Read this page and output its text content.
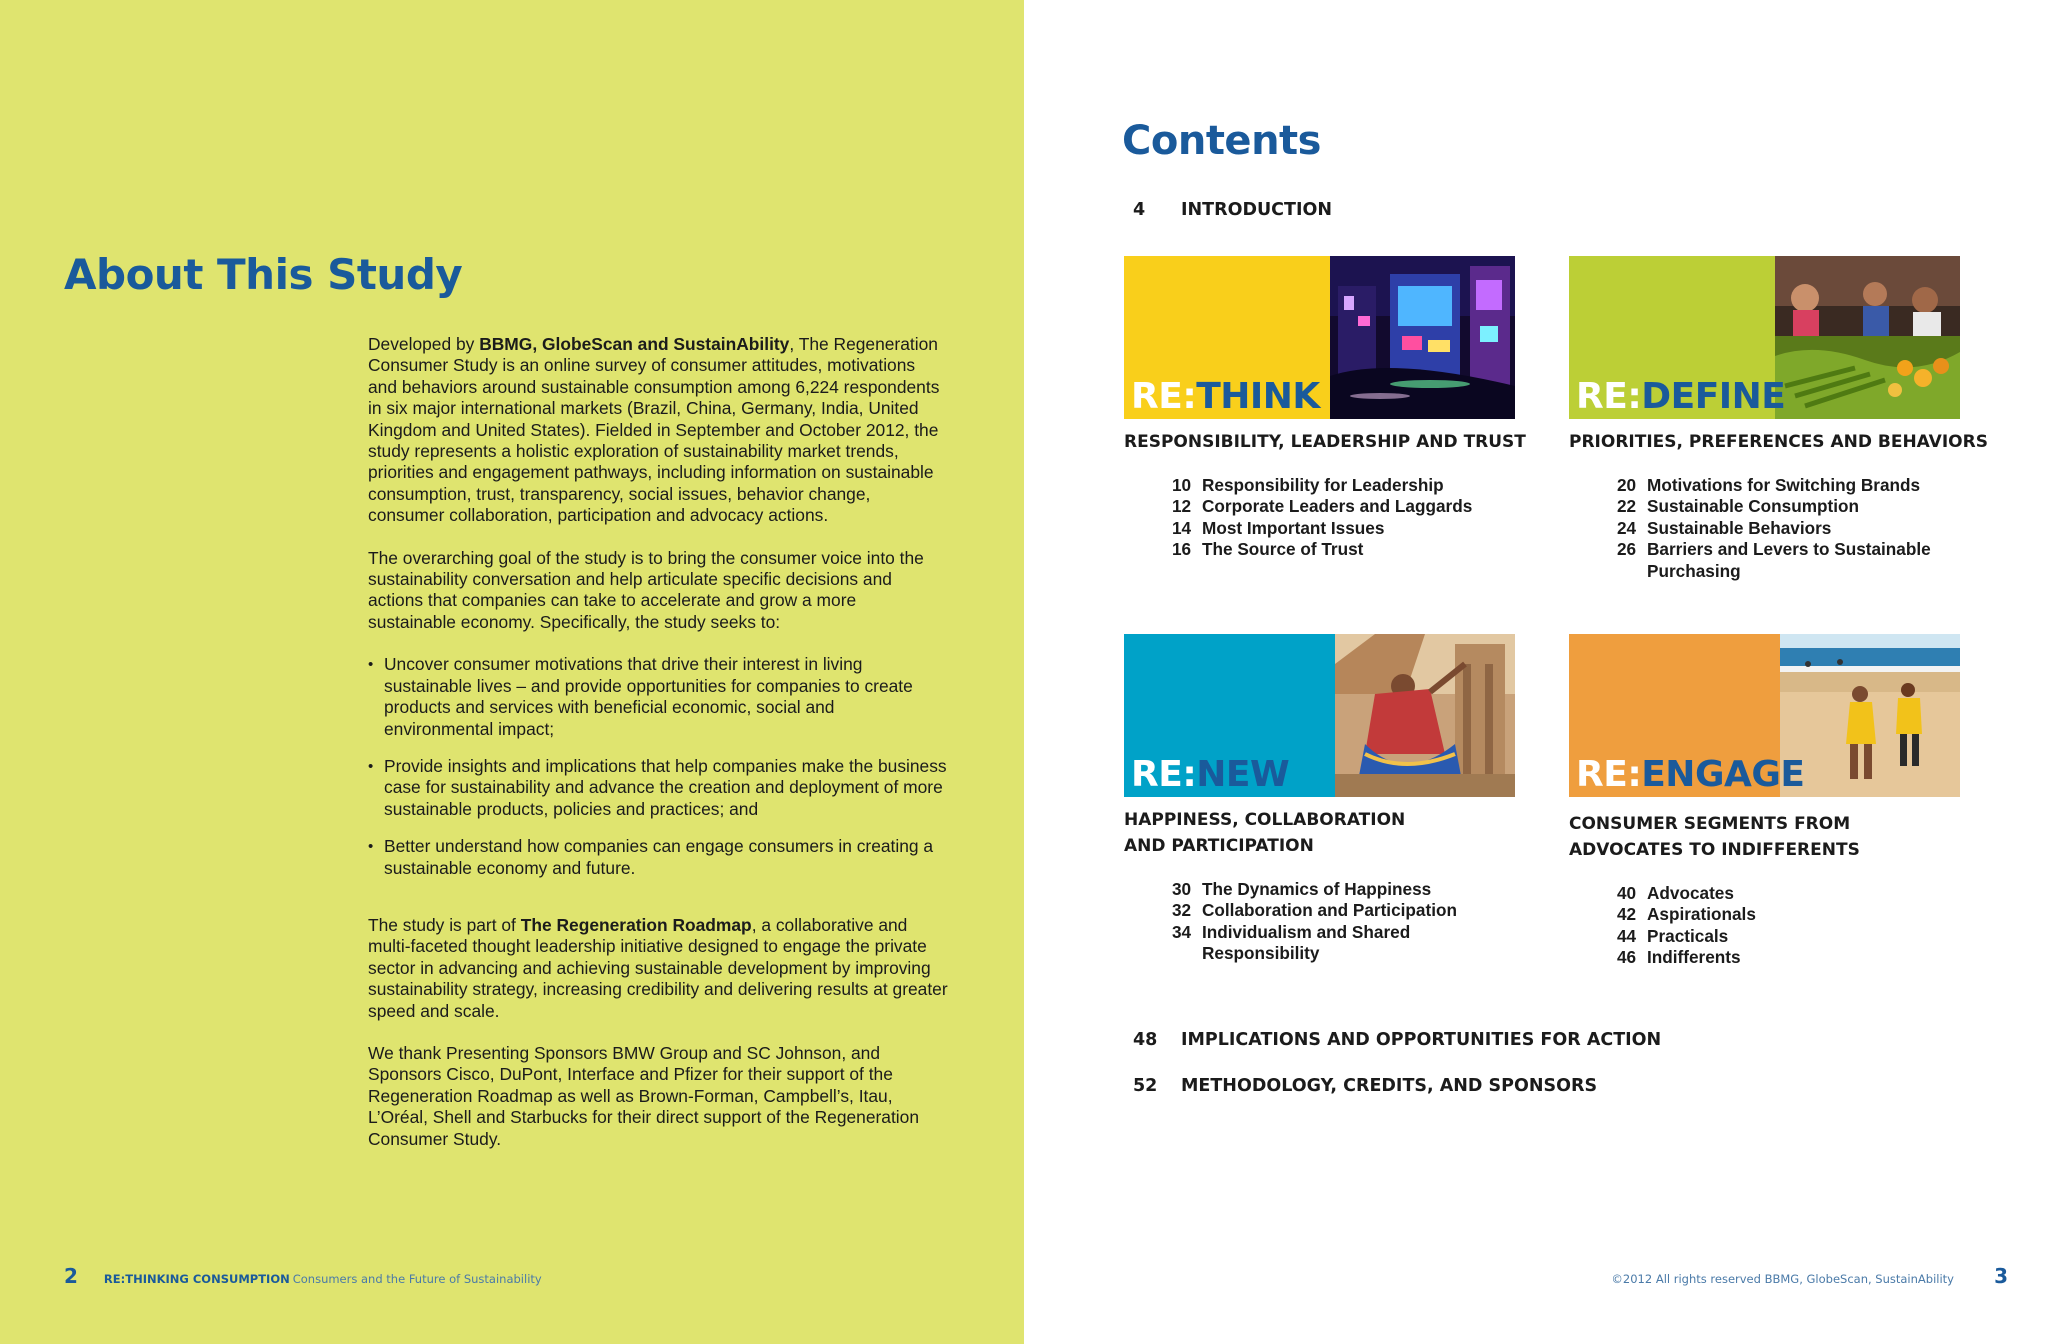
About This Study

Developed by BBMG, GlobeScan and SustainAbility, The Regeneration Consumer Study is an online survey of consumer attitudes, motivations and behaviors around sustainable consumption among 6,224 respondents in six major international markets (Brazil, China, Germany, India, United Kingdom and United States). Fielded in September and October 2012, the study represents a holistic exploration of sustainability market trends, priorities and engagement pathways, including information on sustainable consumption, trust, transparency, social issues, behavior change, consumer collaboration, participation and advocacy actions.

The overarching goal of the study is to bring the consumer voice into the sustainability conversation and help articulate specific decisions and actions that companies can take to accelerate and grow a more sustainable economy. Specifically, the study seeks to:

• Uncover consumer motivations that drive their interest in living sustainable lives – and provide opportunities for companies to create products and services with beneficial economic, social and environmental impact;
• Provide insights and implications that help companies make the business case for sustainability and advance the creation and deployment of more sustainable products, policies and practices; and
• Better understand how companies can engage consumers in creating a sustainable economy and future.

The study is part of The Regeneration Roadmap, a collaborative and multi-faceted thought leadership initiative designed to engage the private sector in advancing and achieving sustainable development by improving sustainability strategy, increasing credibility and delivering results at greater speed and scale.

We thank Presenting Sponsors BMW Group and SC Johnson, and Sponsors Cisco, DuPont, Interface and Pfizer for their support of the Regeneration Roadmap as well as Brown-Forman, Campbell’s, Itau, L’Oréal, Shell and Starbucks for their direct support of the Regeneration Consumer Study.

2 RE:THINKING CONSUMPTION Consumers and the Future of Sustainability
Contents
4	INTRODUCTION
RE:THINK
RESPONSIBILITY, LEADERSHIP AND TRUST
10 Responsibility for Leadership
12 Corporate Leaders and Laggards
14 Most Important Issues
16 The Source of Trust
RE:DEFINE
PRIORITIES, PREFERENCES AND BEHAVIORS
20 Motivations for Switching Brands
22 Sustainable Consumption
24 Sustainable Behaviors
26 Barriers and Levers to Sustainable Purchasing
RE:NEW
HAPPINESS, COLLABORATION
AND PARTICIPATION
30 The Dynamics of Happiness
32 Collaboration and Participation
34 Individualism and Shared Responsibility
RE:ENGAGE
CONSUMER SEGMENTS FROM
ADVOCATES TO INDIFFERENTS
40 Advocates
42 Aspirationals
44 Practicals
46 Indifferents
48	IMPLICATIONS AND OPPORTUNITIES FOR ACTION
52	METHODOLOGY, CREDITS, AND SPONSORS
©2012 All rights reserved BBMG, GlobeScan, SustainAbility 3
